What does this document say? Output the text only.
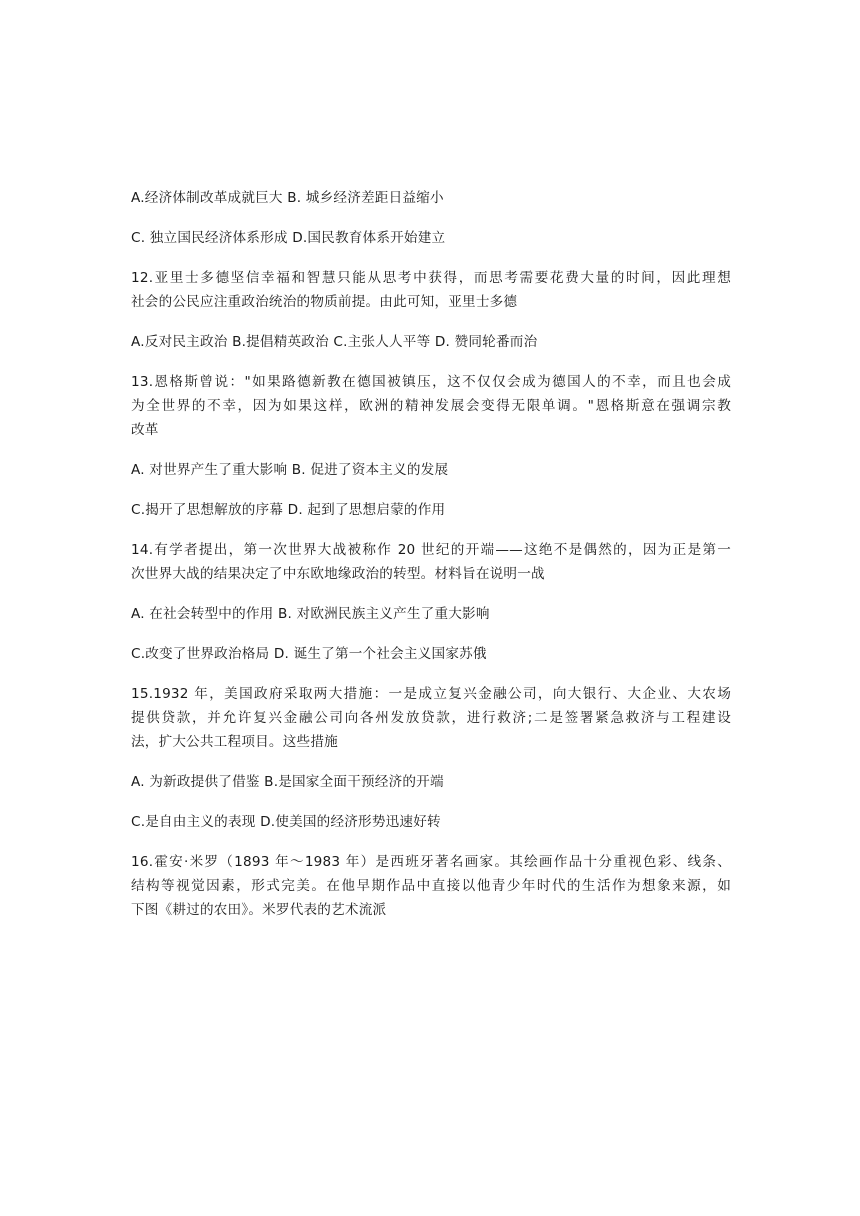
A.经济体制改革成就巨大 B. 城乡经济差距日益缩小
C. 独立国民经济体系形成 D.国民教育体系开始建立
12.亚里士多德坚信幸福和智慧只能从思考中获得，而思考需要花费大量的时间，因此理想
社会的公民应注重政治统治的物质前提。由此可知，亚里士多德
A.反对民主政治 B.提倡精英政治 C.主张人人平等 D. 赞同轮番而治
13.恩格斯曾说："如果路德新教在德国被镇压，这不仅仅会成为德国人的不幸，而且也会成
为全世界的不幸，因为如果这样，欧洲的精神发展会变得无限单调。"恩格斯意在强调宗教
改革
A. 对世界产生了重大影响 B. 促进了资本主义的发展
C.揭开了思想解放的序幕 D. 起到了思想启蒙的作用
14.有学者提出，第一次世界大战被称作 20 世纪的开端——这绝不是偶然的，因为正是第一
次世界大战的结果决定了中东欧地缘政治的转型。材料旨在说明一战
A. 在社会转型中的作用 B. 对欧洲民族主义产生了重大影响
C.改变了世界政治格局 D. 诞生了第一个社会主义国家苏俄
15.1932 年，美国政府采取两大措施：一是成立复兴金融公司，向大银行、大企业、大农场
提供贷款，并允许复兴金融公司向各州发放贷款，进行救济;二是签署紧急救济与工程建设
法，扩大公共工程项目。这些措施
A. 为新政提供了借鉴 B.是国家全面干预经济的开端
C.是自由主义的表现 D.使美国的经济形势迅速好转
16.霍安·米罗（1893 年～1983 年）是西班牙著名画家。其绘画作品十分重视色彩、线条、
结构等视觉因素，形式完美。在他早期作品中直接以他青少年时代的生活作为想象来源，如
下图《耕过的农田》。米罗代表的艺术流派
